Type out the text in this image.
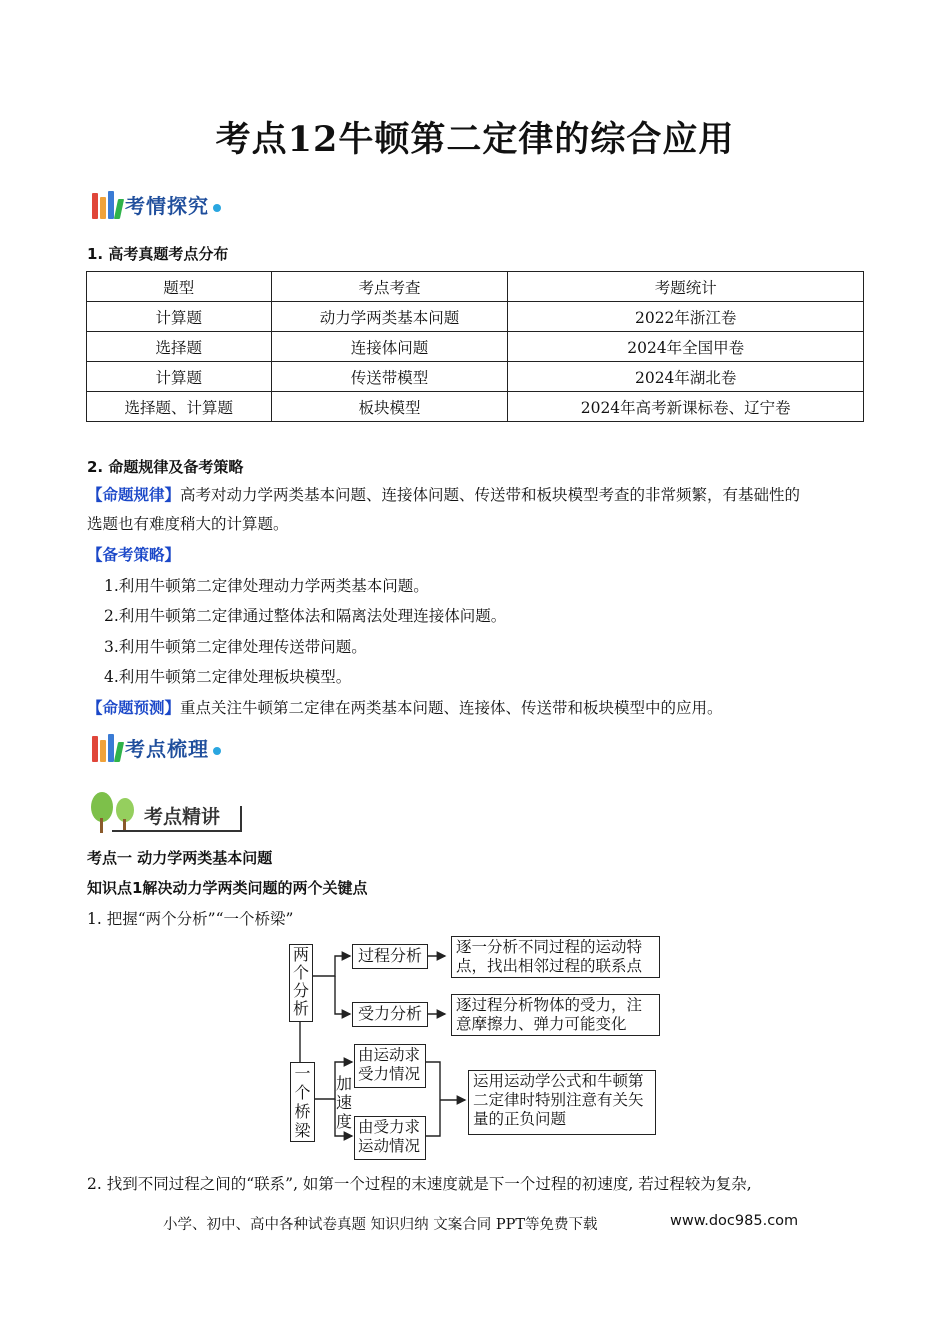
考点12牛顿第二定律的综合应用
考情探究
1. 高考真题考点分布
题型	考点考查	考题统计
计算题	动力学两类基本问题	2022年浙江卷
选择题	连接体问题	2024年全国甲卷
计算题	传送带模型	2024年湖北卷
选择题、计算题	板块模型	2024年高考新课标卷、辽宁卷
2. 命题规律及备考策略
【命题规律】高考对动力学两类基本问题、连接体问题、传送带和板块模型考查的非常频繁，有基础性的
选题也有难度稍大的计算题。
【备考策略】
1.利用牛顿第二定律处理动力学两类基本问题。
2.利用牛顿第二定律通过整体法和隔离法处理连接体问题。
3.利用牛顿第二定律处理传送带问题。
4.利用牛顿第二定律处理板块模型。
【命题预测】重点关注牛顿第二定律在两类基本问题、连接体、传送带和板块模型中的应用。
考点梳理
考点精讲
考点一 动力学两类基本问题
知识点1解决动力学两类问题的两个关键点
1. 把握“两个分析”“一个桥梁”
两个分析
一个桥梁
过程分析	逐一分析不同过程的运动特点，找出相邻过程的联系点
受力分析	逐过程分析物体的受力，注意摩擦力、弹力可能变化
加速度
由运动求受力情况
由受力求运动情况
运用运动学公式和牛顿第二定律时特别注意有关矢量的正负问题
2. 找到不同过程之间的“联系”, 如第一个过程的末速度就是下一个过程的初速度, 若过程较为复杂,
小学、初中、高中各种试卷真题 知识归纳 文案合同 PPT等免费下载	www.doc985.com
